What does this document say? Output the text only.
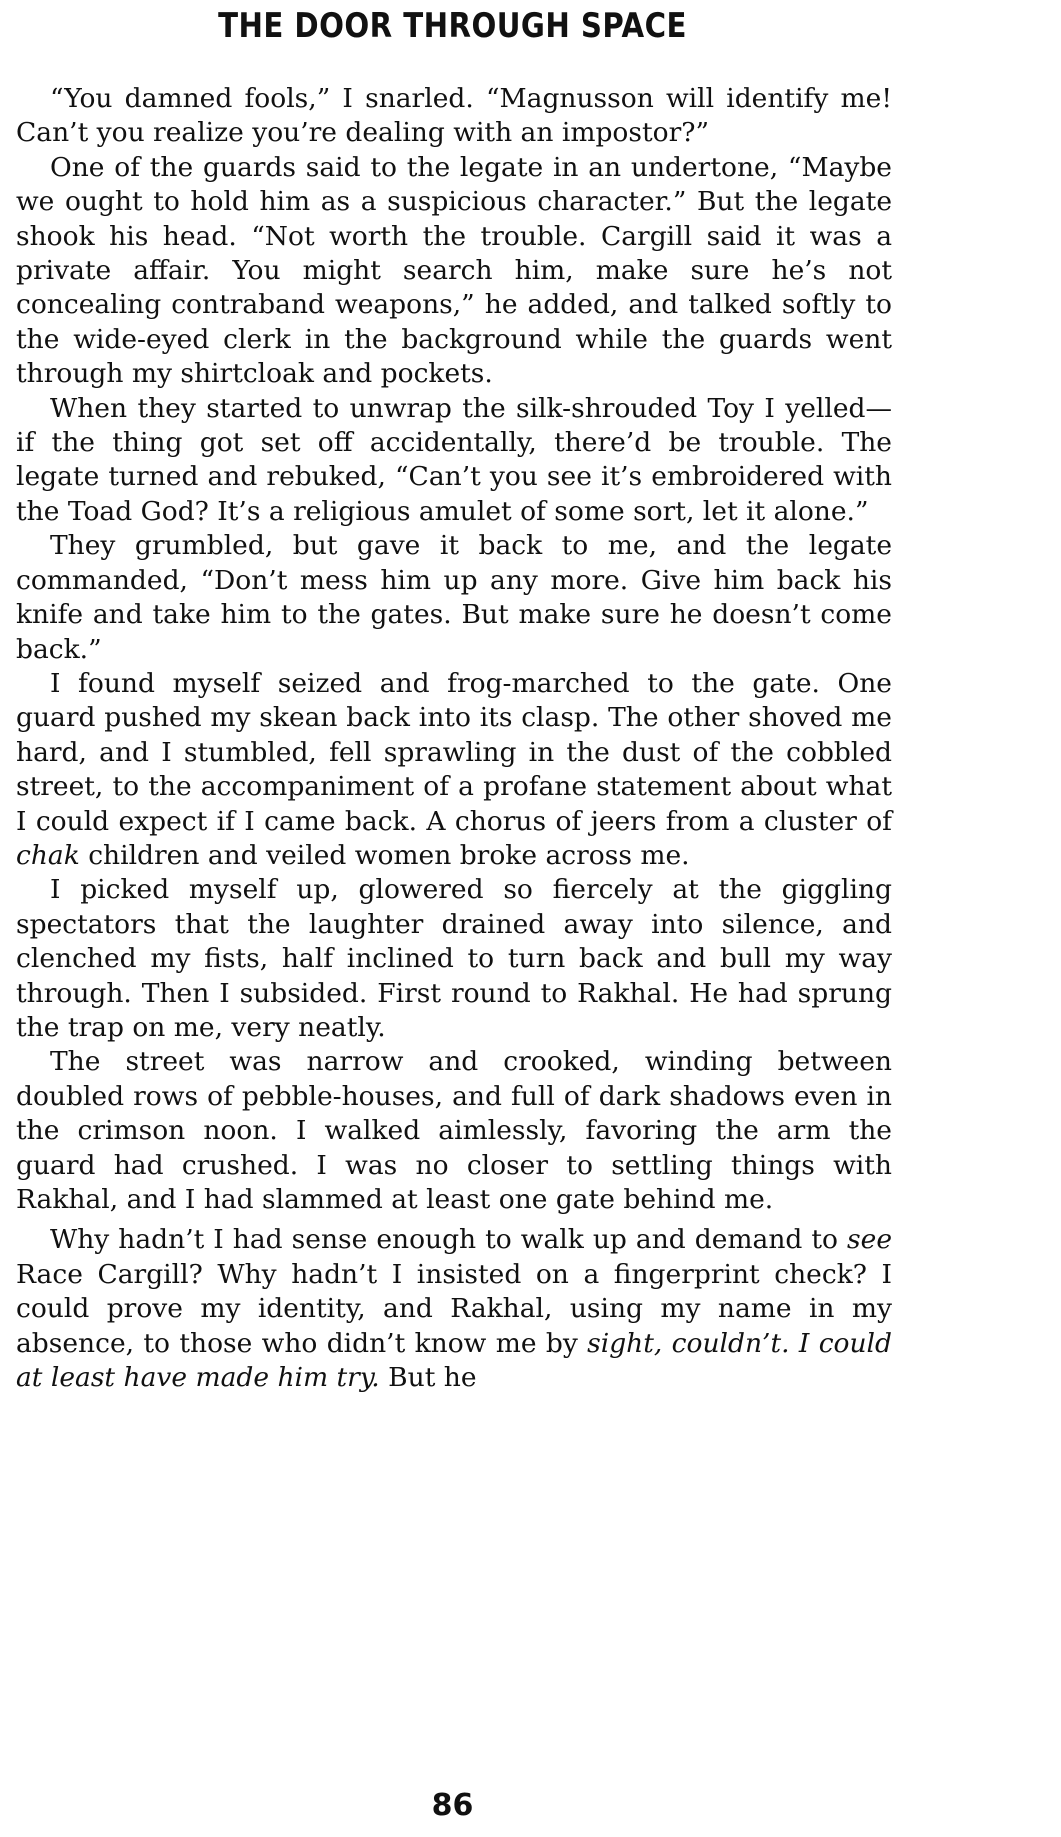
THE DOOR THROUGH SPACE

“You damned fools,” I snarled. “Magnusson will identify me! Can’t you realize you’re dealing with an impostor?”

One of the guards said to the legate in an undertone, “Maybe we ought to hold him as a suspicious character.” But the legate shook his head. “Not worth the trouble. Cargill said it was a private affair. You might search him, make sure he’s not concealing contraband weapons,” he added, and talked softly to the wide-eyed clerk in the background while the guards went through my shirtcloak and pockets.

When they started to unwrap the silk-shrouded Toy I yelled—if the thing got set off accidentally, there’d be trouble. The legate turned and rebuked, “Can’t you see it’s embroidered with the Toad God? It’s a religious amulet of some sort, let it alone.”

They grumbled, but gave it back to me, and the legate commanded, “Don’t mess him up any more. Give him back his knife and take him to the gates. But make sure he doesn’t come back.”

I found myself seized and frog-marched to the gate. One guard pushed my skean back into its clasp. The other shoved me hard, and I stumbled, fell sprawling in the dust of the cobbled street, to the accompaniment of a profane statement about what I could expect if I came back. A chorus of jeers from a cluster of chak children and veiled women broke across me.

I picked myself up, glowered so fiercely at the giggling spectators that the laughter drained away into silence, and clenched my fists, half inclined to turn back and bull my way through. Then I subsided. First round to Rakhal. He had sprung the trap on me, very neatly.

The street was narrow and crooked, winding between doubled rows of pebble-houses, and full of dark shadows even in the crimson noon. I walked aimlessly, favoring the arm the guard had crushed. I was no closer to settling things with Rakhal, and I had slammed at least one gate behind me.

Why hadn’t I had sense enough to walk up and demand to see Race Cargill? Why hadn’t I insisted on a fingerprint check? I could prove my identity, and Rakhal, using my name in my absence, to those who didn’t know me by sight, couldn’t. I could at least have made him try. But he

86
